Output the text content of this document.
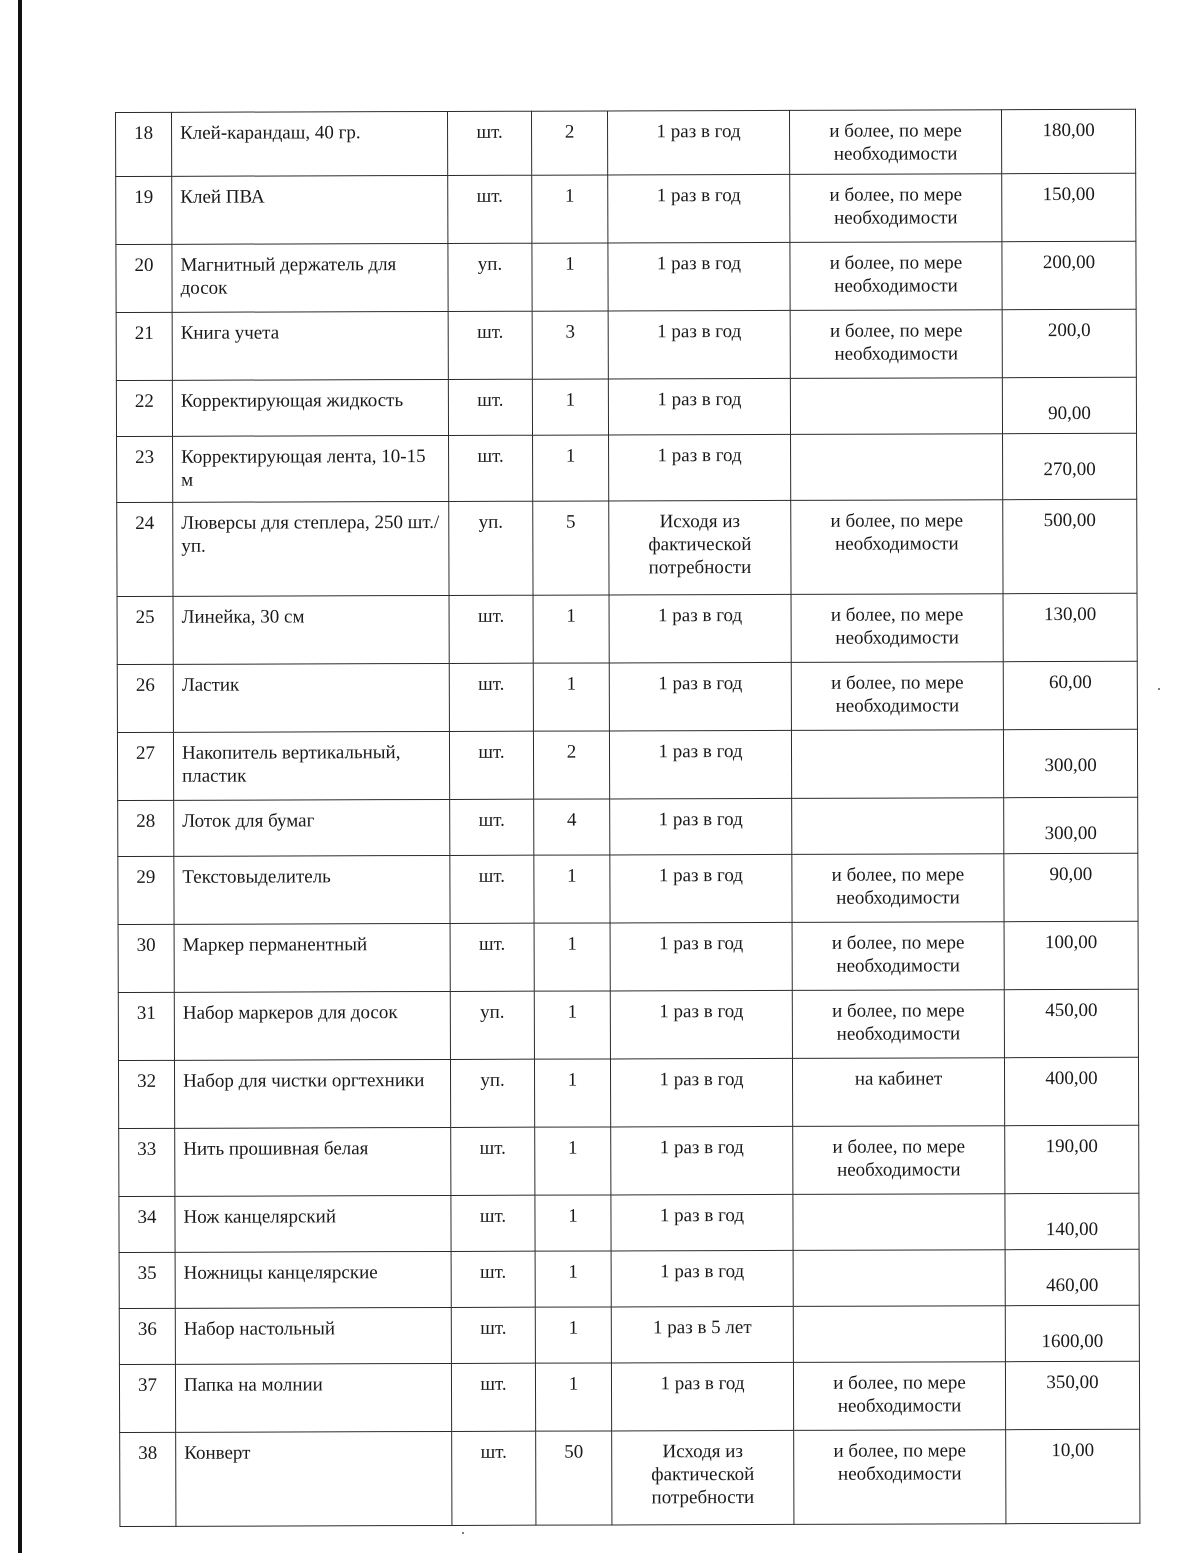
18	Клей-карандаш, 40 гр.	шт.	2	1 раз в год	и более, по мере необходимости	180,00
19	Клей ПВА	шт.	1	1 раз в год	и более, по мере необходимости	150,00
20	Магнитный держатель для досок	уп.	1	1 раз в год	и более, по мере необходимости	200,00
21	Книга учета	шт.	3	1 раз в год	и более, по мере необходимости	200,0
22	Корректирующая жидкость	шт.	1	1 раз в год		90,00
23	Корректирующая лента, 10-15 м	шт.	1	1 раз в год		270,00
24	Люверсы для степлера, 250 шт./уп.	уп.	5	Исходя из фактической потребности	и более, по мере необходимости	500,00
25	Линейка, 30 см	шт.	1	1 раз в год	и более, по мере необходимости	130,00
26	Ластик	шт.	1	1 раз в год	и более, по мере необходимости	60,00
27	Накопитель вертикальный, пластик	шт.	2	1 раз в год		300,00
28	Лоток для бумаг	шт.	4	1 раз в год		300,00
29	Текстовыделитель	шт.	1	1 раз в год	и более, по мере необходимости	90,00
30	Маркер перманентный	шт.	1	1 раз в год	и более, по мере необходимости	100,00
31	Набор маркеров для досок	уп.	1	1 раз в год	и более, по мере необходимости	450,00
32	Набор для чистки оргтехники	уп.	1	1 раз в год	на кабинет	400,00
33	Нить прошивная белая	шт.	1	1 раз в год	и более, по мере необходимости	190,00
34	Нож канцелярский	шт.	1	1 раз в год		140,00
35	Ножницы канцелярские	шт.	1	1 раз в год		460,00
36	Набор настольный	шт.	1	1 раз в 5 лет		1600,00
37	Папка на молнии	шт.	1	1 раз в год	и более, по мере необходимости	350,00
38	Конверт	шт.	50	Исходя из фактической потребности	и более, по мере необходимости	10,00
